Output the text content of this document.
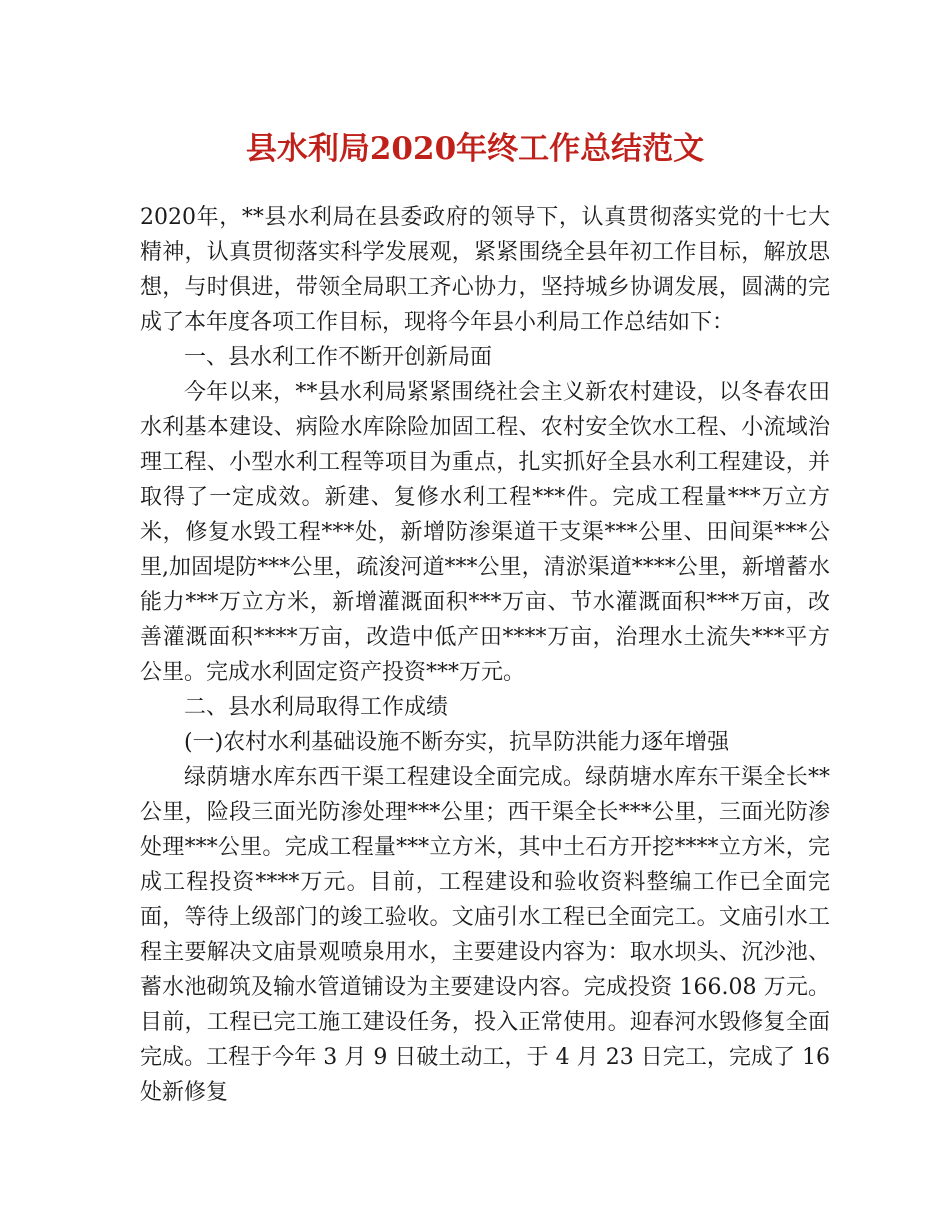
县水利局2020年终工作总结范文

2020年，**县水利局在县委政府的领导下，认真贯彻落实党的十七大精神，认真贯彻落实科学发展观，紧紧围绕全县年初工作目标，解放思想，与时俱进，带领全局职工齐心协力，坚持城乡协调发展，圆满的完成了本年度各项工作目标，现将今年县小利局工作总结如下：

一、县水利工作不断开创新局面

今年以来，**县水利局紧紧围绕社会主义新农村建设，以冬春农田水利基本建设、病险水库除险加固工程、农村安全饮水工程、小流域治理工程、小型水利工程等项目为重点，扎实抓好全县水利工程建设，并取得了一定成效。新建、复修水利工程***件。完成工程量***万立方米，修复水毁工程***处，新增防渗渠道干支渠***公里、田间渠***公里,加固堤防***公里，疏浚河道***公里，清淤渠道****公里，新增蓄水能力***万立方米，新增灌溉面积***万亩、节水灌溉面积***万亩，改善灌溉面积****万亩，改造中低产田****万亩，治理水土流失***平方公里。完成水利固定资产投资***万元。

二、县水利局取得工作成绩

(一)农村水利基础设施不断夯实，抗旱防洪能力逐年增强

绿荫塘水库东西干渠工程建设全面完成。绿荫塘水库东干渠全长**公里，险段三面光防渗处理***公里；西干渠全长***公里，三面光防渗处理***公里。完成工程量***立方米，其中土石方开挖****立方米，完成工程投资****万元。目前，工程建设和验收资料整编工作已全面完面，等待上级部门的竣工验收。文庙引水工程已全面完工。文庙引水工程主要解决文庙景观喷泉用水，主要建设内容为：取水坝头、沉沙池、蓄水池砌筑及输水管道铺设为主要建设内容。完成投资 166.08 万元。目前，工程已完工施工建设任务，投入正常使用。迎春河水毁修复全面完成。工程于今年 3 月 9 日破土动工，于 4 月 23 日完工，完成了 16 处新修复
